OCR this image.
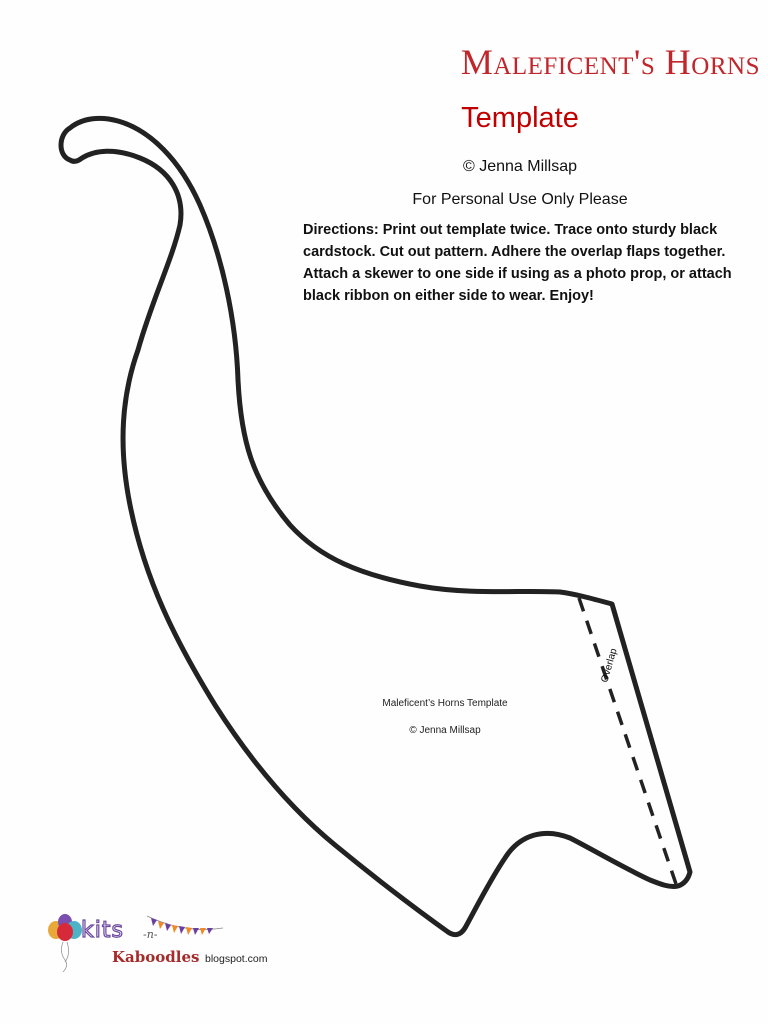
Maleficent's Horns
Template
© Jenna Millsap
For Personal Use Only Please
Directions: Print out template twice. Trace onto sturdy black cardstock. Cut out pattern. Adhere the overlap flaps together. Attach a skewer to one side if using as a photo prop, or attach black ribbon on either side to wear. Enjoy!
Maleficent’s Horns Template
© Jenna Millsap
Overlap
kits -n-
Kaboodles blogspot.com
